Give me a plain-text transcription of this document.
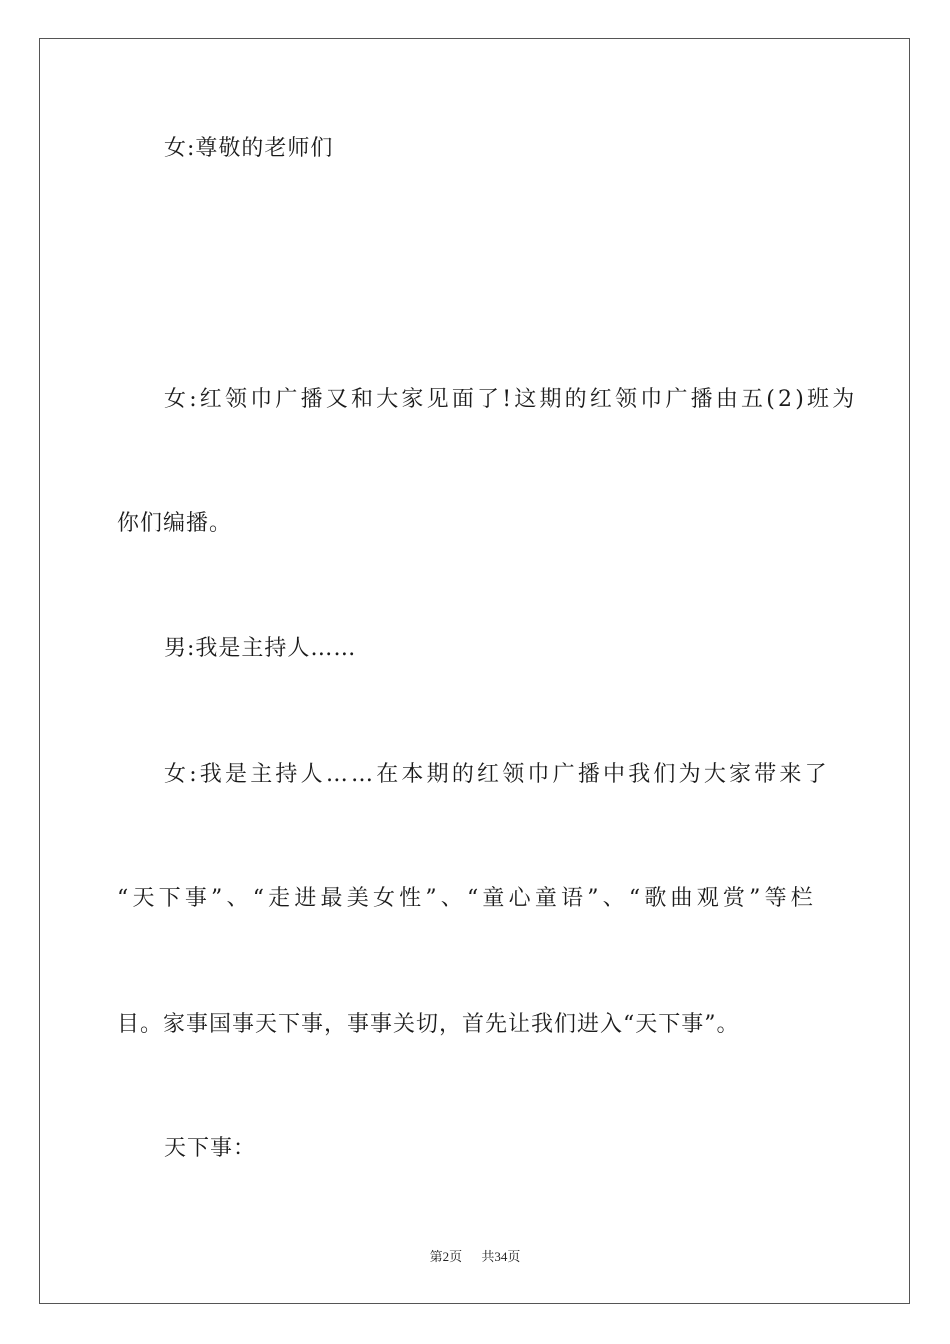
女:尊敬的老师们
女:红领巾广播又和大家见面了!这期的红领巾广播由五(2)班为
你们编播。
男:我是主持人……
女:我是主持人……在本期的红领巾广播中我们为大家带来了
“天下事”、“走进最美女性”、“童心童语”、“歌曲观赏”等栏
目。家事国事天下事，事事关切，首先让我们进入“天下事”。
天下事：
第2页 共34页
